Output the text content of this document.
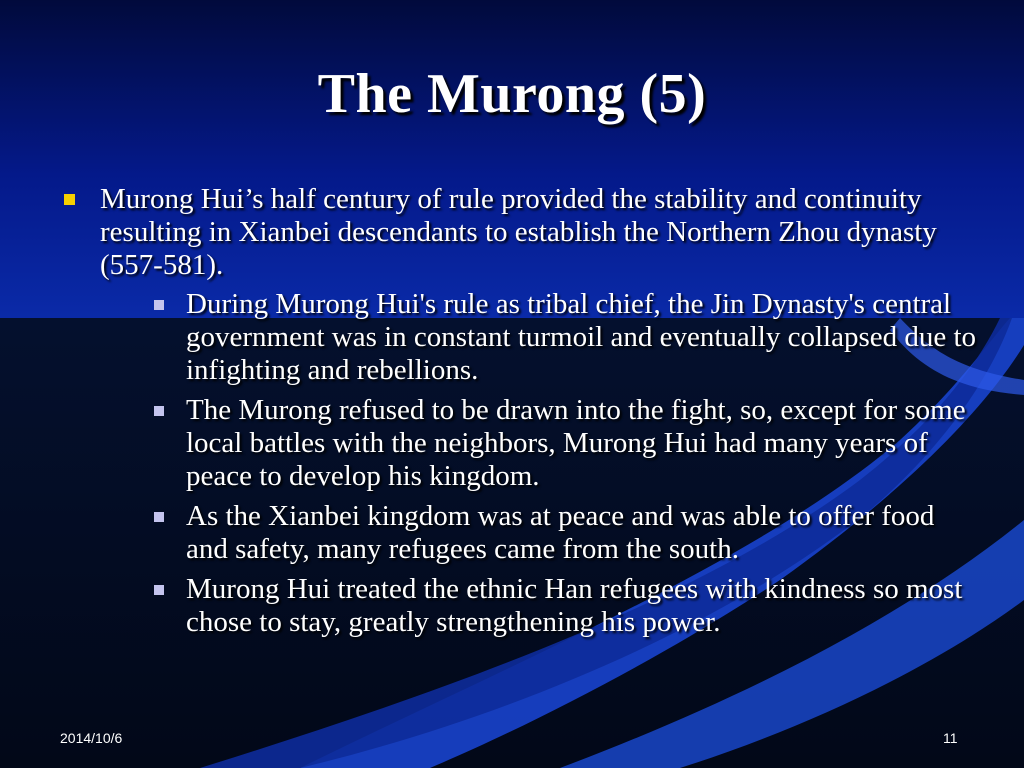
The Murong (5)
Murong Hui’s half century of rule provided the stability and continuity resulting in Xianbei descendants to establish the Northern Zhou dynasty (557-581).
During Murong Hui's rule as tribal chief, the Jin Dynasty's central government was in constant turmoil and eventually collapsed due to infighting and rebellions.
The Murong refused to be drawn into the fight, so, except for some local battles with the neighbors, Murong Hui had many years of peace to develop his kingdom.
As the Xianbei kingdom was at peace and was able to offer food and safety, many refugees came from the south.
Murong Hui treated the ethnic Han refugees with kindness so most chose to stay, greatly strengthening his power.
2014/10/6	11
